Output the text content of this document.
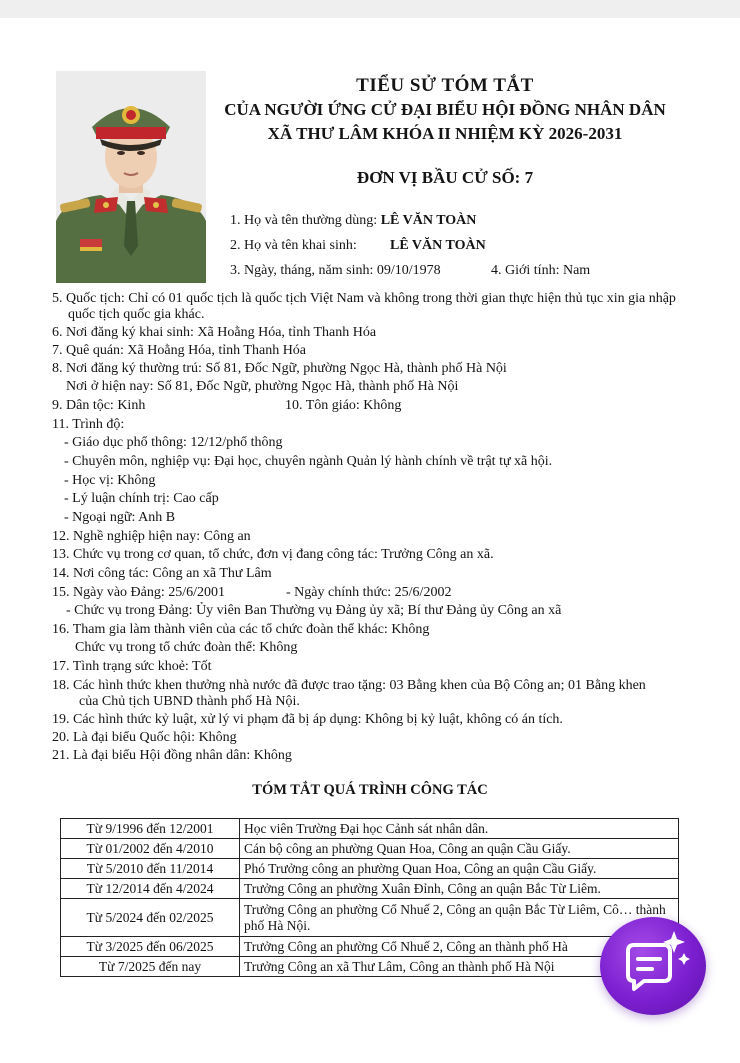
TIỂU SỬ TÓM TẮT
CỦA NGƯỜI ỨNG CỬ ĐẠI BIỂU HỘI ĐỒNG NHÂN DÂN
XÃ THƯ LÂM KHÓA II NHIỆM KỲ 2026-2031
ĐƠN VỊ BẦU CỬ SỐ: 7
1. Họ và tên thường dùng: LÊ VĂN TOÀN
2. Họ và tên khai sinh: LÊ VĂN TOÀN
3. Ngày, tháng, năm sinh: 09/10/1978	4. Giới tính: Nam
5. Quốc tịch: Chỉ có 01 quốc tịch là quốc tịch Việt Nam và không trong thời gian thực hiện thủ tục xin gia nhập
quốc tịch quốc gia khác.
6. Nơi đăng ký khai sinh: Xã Hoằng Hóa, tỉnh Thanh Hóa
7. Quê quán: Xã Hoằng Hóa, tỉnh Thanh Hóa
8. Nơi đăng ký thường trú: Số 81, Đốc Ngữ, phường Ngọc Hà, thành phố Hà Nội
Nơi ở hiện nay: Số 81, Đốc Ngữ, phường Ngọc Hà, thành phố Hà Nội
9. Dân tộc: Kinh	10. Tôn giáo: Không
11. Trình độ:
- Giáo dục phổ thông: 12/12/phổ thông
- Chuyên môn, nghiệp vụ: Đại học, chuyên ngành Quản lý hành chính về trật tự xã hội.
- Học vị: Không
- Lý luận chính trị: Cao cấp
- Ngoại ngữ: Anh B
12. Nghề nghiệp hiện nay: Công an
13. Chức vụ trong cơ quan, tổ chức, đơn vị đang công tác: Trưởng Công an xã.
14. Nơi công tác: Công an xã Thư Lâm
15. Ngày vào Đảng: 25/6/2001	- Ngày chính thức: 25/6/2002
- Chức vụ trong Đảng: Ủy viên Ban Thường vụ Đảng ủy xã; Bí thư Đảng ủy Công an xã
16. Tham gia làm thành viên của các tổ chức đoàn thể khác: Không
Chức vụ trong tổ chức đoàn thể: Không
17. Tình trạng sức khoẻ: Tốt
18. Các hình thức khen thưởng nhà nước đã được trao tặng: 03 Bằng khen của Bộ Công an; 01 Bằng khen
của Chủ tịch UBND thành phố Hà Nội.
19. Các hình thức kỷ luật, xử lý vi phạm đã bị áp dụng: Không bị kỷ luật, không có án tích.
20. Là đại biểu Quốc hội: Không
21. Là đại biểu Hội đồng nhân dân: Không
TÓM TẮT QUÁ TRÌNH CÔNG TÁC
Từ 9/1996 đến 12/2001	Học viên Trường Đại học Cảnh sát nhân dân.
Từ 01/2002 đến 4/2010	Cán bộ công an phường Quan Hoa, Công an quận Cầu Giấy.
Từ 5/2010 đến 11/2014	Phó Trưởng công an phường Quan Hoa, Công an quận Cầu Giấy.
Từ 12/2014 đến 4/2024	Trưởng Công an phường Xuân Đỉnh, Công an quận Bắc Từ Liêm.
Từ 5/2024 đến 02/2025	Trưởng Công an phường Cổ Nhuế 2, Công an quận Bắc Từ Liêm, Cô… thành phố Hà Nội.
Từ 3/2025 đến 06/2025	Trưởng Công an phường Cổ Nhuế 2, Công an thành phố Hà
Từ 7/2025 đến nay	Trưởng Công an xã Thư Lâm, Công an thành phố Hà Nội
